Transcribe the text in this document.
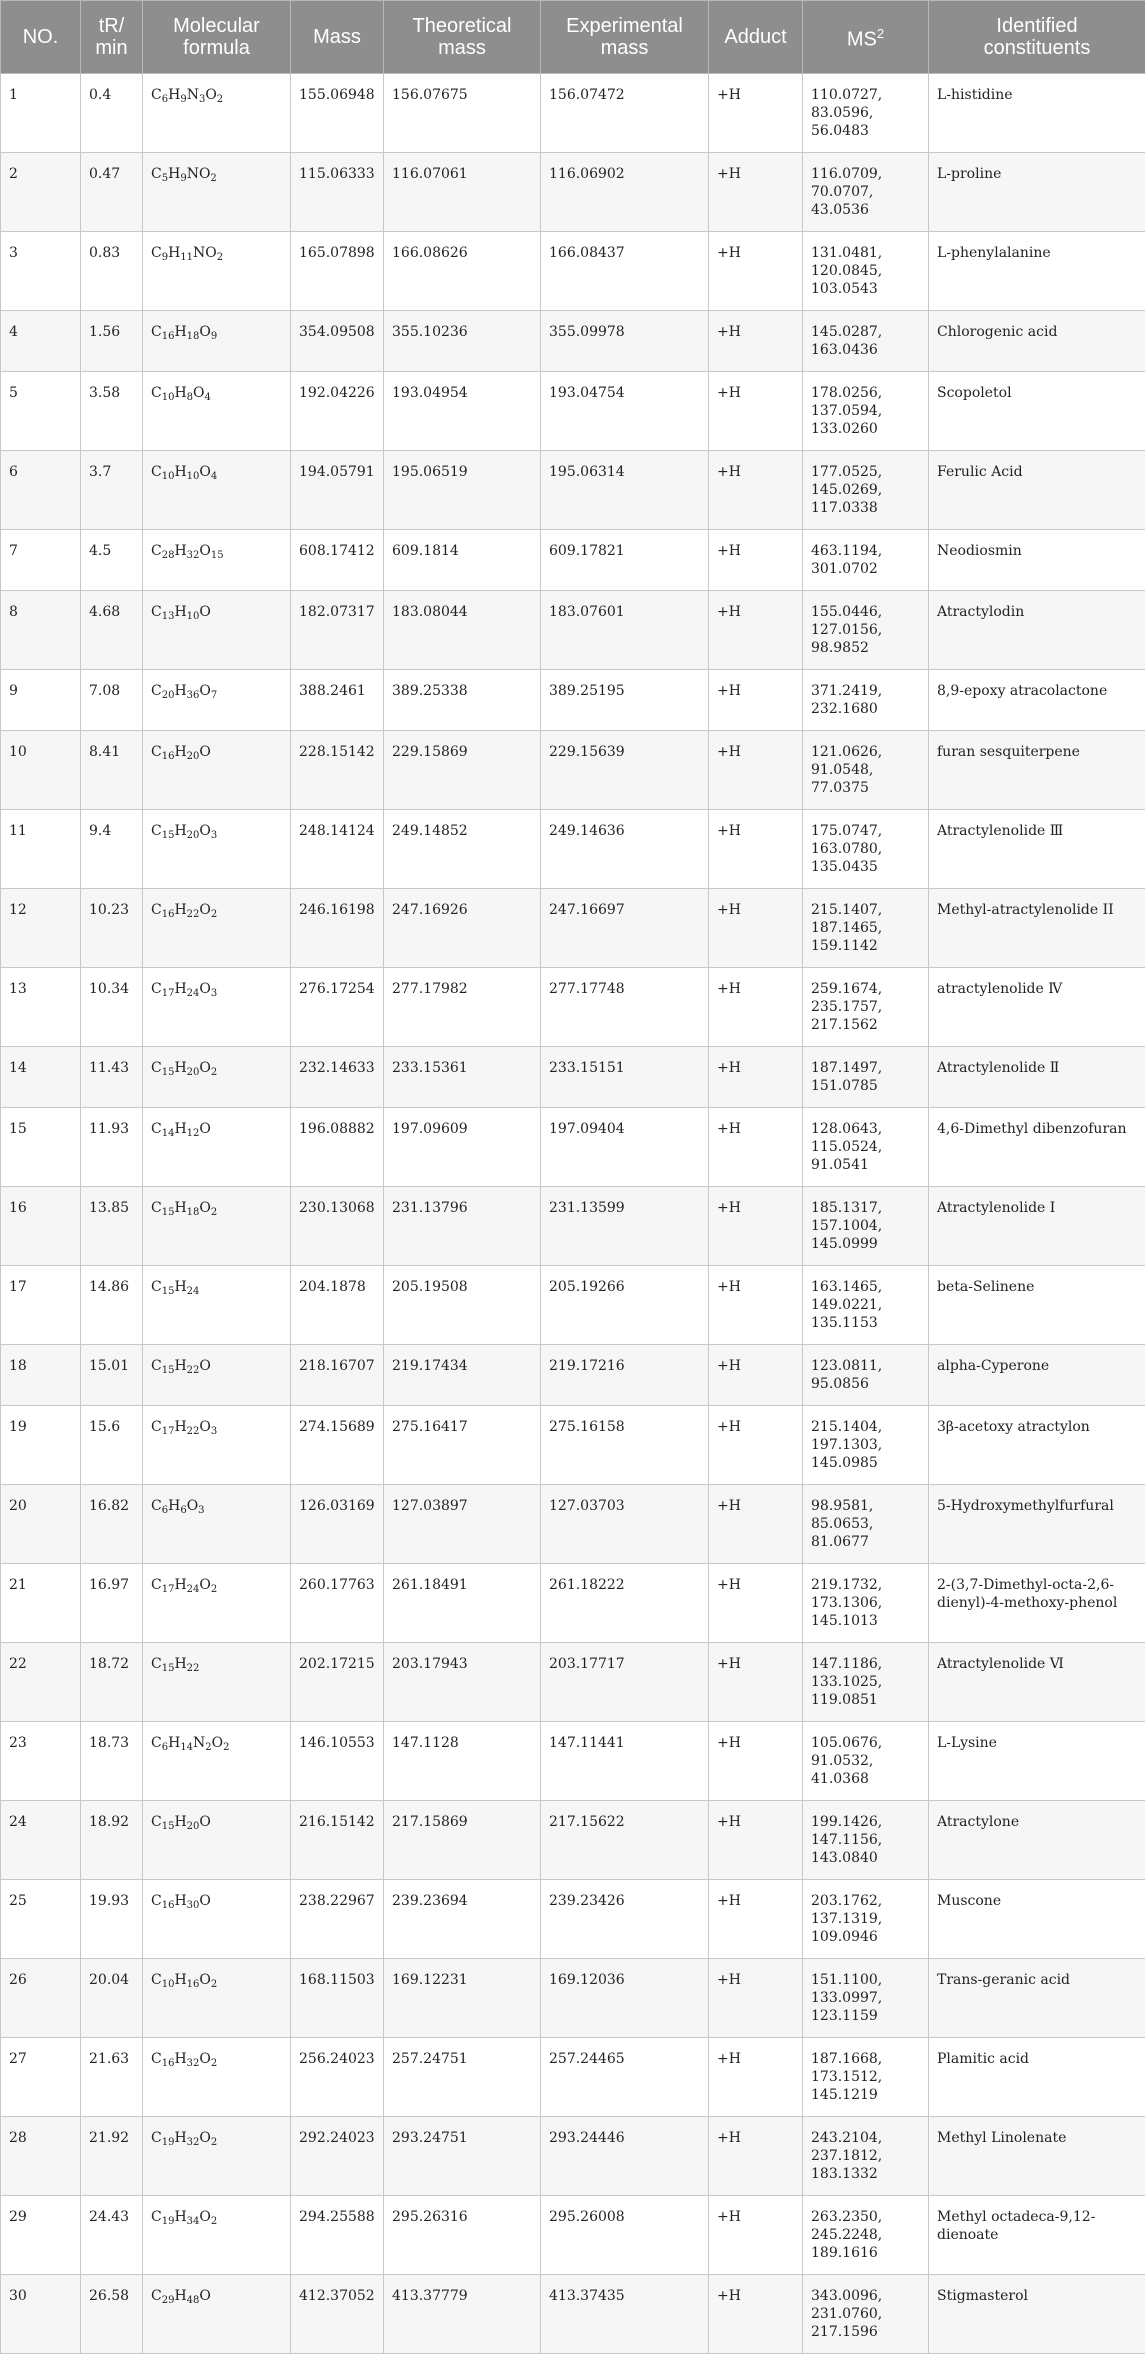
NO.	tR/
min	Molecular
formula	Mass	Theoretical
mass	Experimental
mass	Adduct	$MS^2$	Identified
constituents
1	0.4	$C_6H_9N_3O_2$	155.06948	156.07675	156.07472	+H	110.0727,
83.0596,
56.0483	L-histidine
2	0.47	$C_5H_9NO_2$	115.06333	116.07061	116.06902	+H	116.0709,
70.0707,
43.0536	L-proline
3	0.83	$C_9H_{11}NO_2$	165.07898	166.08626	166.08437	+H	131.0481,
120.0845,
103.0543	L-phenylalanine
4	1.56	$C_{16}H_{18}O_9$	354.09508	355.10236	355.09978	+H	145.0287,
163.0436	Chlorogenic acid
5	3.58	$C_{10}H_8O_4$	192.04226	193.04954	193.04754	+H	178.0256,
137.0594,
133.0260	Scopoletol
6	3.7	$C_{10}H_{10}O_4$	194.05791	195.06519	195.06314	+H	177.0525,
145.0269,
117.0338	Ferulic Acid
7	4.5	$C_{28}H_{32}O_{15}$	608.17412	609.1814	609.17821	+H	463.1194,
301.0702	Neodiosmin
8	4.68	$C_{13}H_{10}O$	182.07317	183.08044	183.07601	+H	155.0446,
127.0156,
98.9852	Atractylodin
9	7.08	$C_{20}H_{36}O_7$	388.2461	389.25338	389.25195	+H	371.2419,
232.1680	8,9-epoxy atracolactone
10	8.41	$C_{16}H_{20}O$	228.15142	229.15869	229.15639	+H	121.0626,
91.0548,
77.0375	furan sesquiterpene
11	9.4	$C_{15}H_{20}O_3$	248.14124	249.14852	249.14636	+H	175.0747,
163.0780,
135.0435	Atractylenolide Ⅲ
12	10.23	$C_{16}H_{22}O_2$	246.16198	247.16926	247.16697	+H	215.1407,
187.1465,
159.1142	Methyl-atractylenolide II
13	10.34	$C_{17}H_{24}O_3$	276.17254	277.17982	277.17748	+H	259.1674,
235.1757,
217.1562	atractylenolide Ⅳ
14	11.43	$C_{15}H_{20}O_2$	232.14633	233.15361	233.15151	+H	187.1497,
151.0785	Atractylenolide Ⅱ
15	11.93	$C_{14}H_{12}O$	196.08882	197.09609	197.09404	+H	128.0643,
115.0524,
91.0541	4,6-Dimethyl dibenzofuran
16	13.85	$C_{15}H_{18}O_2$	230.13068	231.13796	231.13599	+H	185.1317,
157.1004,
145.0999	Atractylenolide Ⅰ
17	14.86	$C_{15}H_{24}$	204.1878	205.19508	205.19266	+H	163.1465,
149.0221,
135.1153	beta-Selinene
18	15.01	$C_{15}H_{22}O$	218.16707	219.17434	219.17216	+H	123.0811,
95.0856	alpha-Cyperone
19	15.6	$C_{17}H_{22}O_3$	274.15689	275.16417	275.16158	+H	215.1404,
197.1303,
145.0985	3β-acetoxy atractylon
20	16.82	$C_6H_6O_3$	126.03169	127.03897	127.03703	+H	98.9581,
85.0653,
81.0677	5-Hydroxymethylfurfural
21	16.97	$C_{17}H_{24}O_2$	260.17763	261.18491	261.18222	+H	219.1732,
173.1306,
145.1013	2-(3,7-Dimethyl-octa-2,6-dienyl)-4-methoxy-phenol
22	18.72	$C_{15}H_{22}$	202.17215	203.17943	203.17717	+H	147.1186,
133.1025,
119.0851	Atractylenolide Ⅵ
23	18.73	$C_6H_{14}N_2O_2$	146.10553	147.1128	147.11441	+H	105.0676,
91.0532,
41.0368	L-Lysine
24	18.92	$C_{15}H_{20}O$	216.15142	217.15869	217.15622	+H	199.1426,
147.1156,
143.0840	Atractylone
25	19.93	$C_{16}H_{30}O$	238.22967	239.23694	239.23426	+H	203.1762,
137.1319,
109.0946	Muscone
26	20.04	$C_{10}H_{16}O_2$	168.11503	169.12231	169.12036	+H	151.1100,
133.0997,
123.1159	Trans-geranic acid
27	21.63	$C_{16}H_{32}O_2$	256.24023	257.24751	257.24465	+H	187.1668,
173.1512,
145.1219	Plamitic acid
28	21.92	$C_{19}H_{32}O_2$	292.24023	293.24751	293.24446	+H	243.2104,
237.1812,
183.1332	Methyl Linolenate
29	24.43	$C_{19}H_{34}O_2$	294.25588	295.26316	295.26008	+H	263.2350,
245.2248,
189.1616	Methyl octadeca-9,12-dienoate
30	26.58	$C_{29}H_{48}O$	412.37052	413.37779	413.37435	+H	343.0096,
231.0760,
217.1596	Stigmasterol
